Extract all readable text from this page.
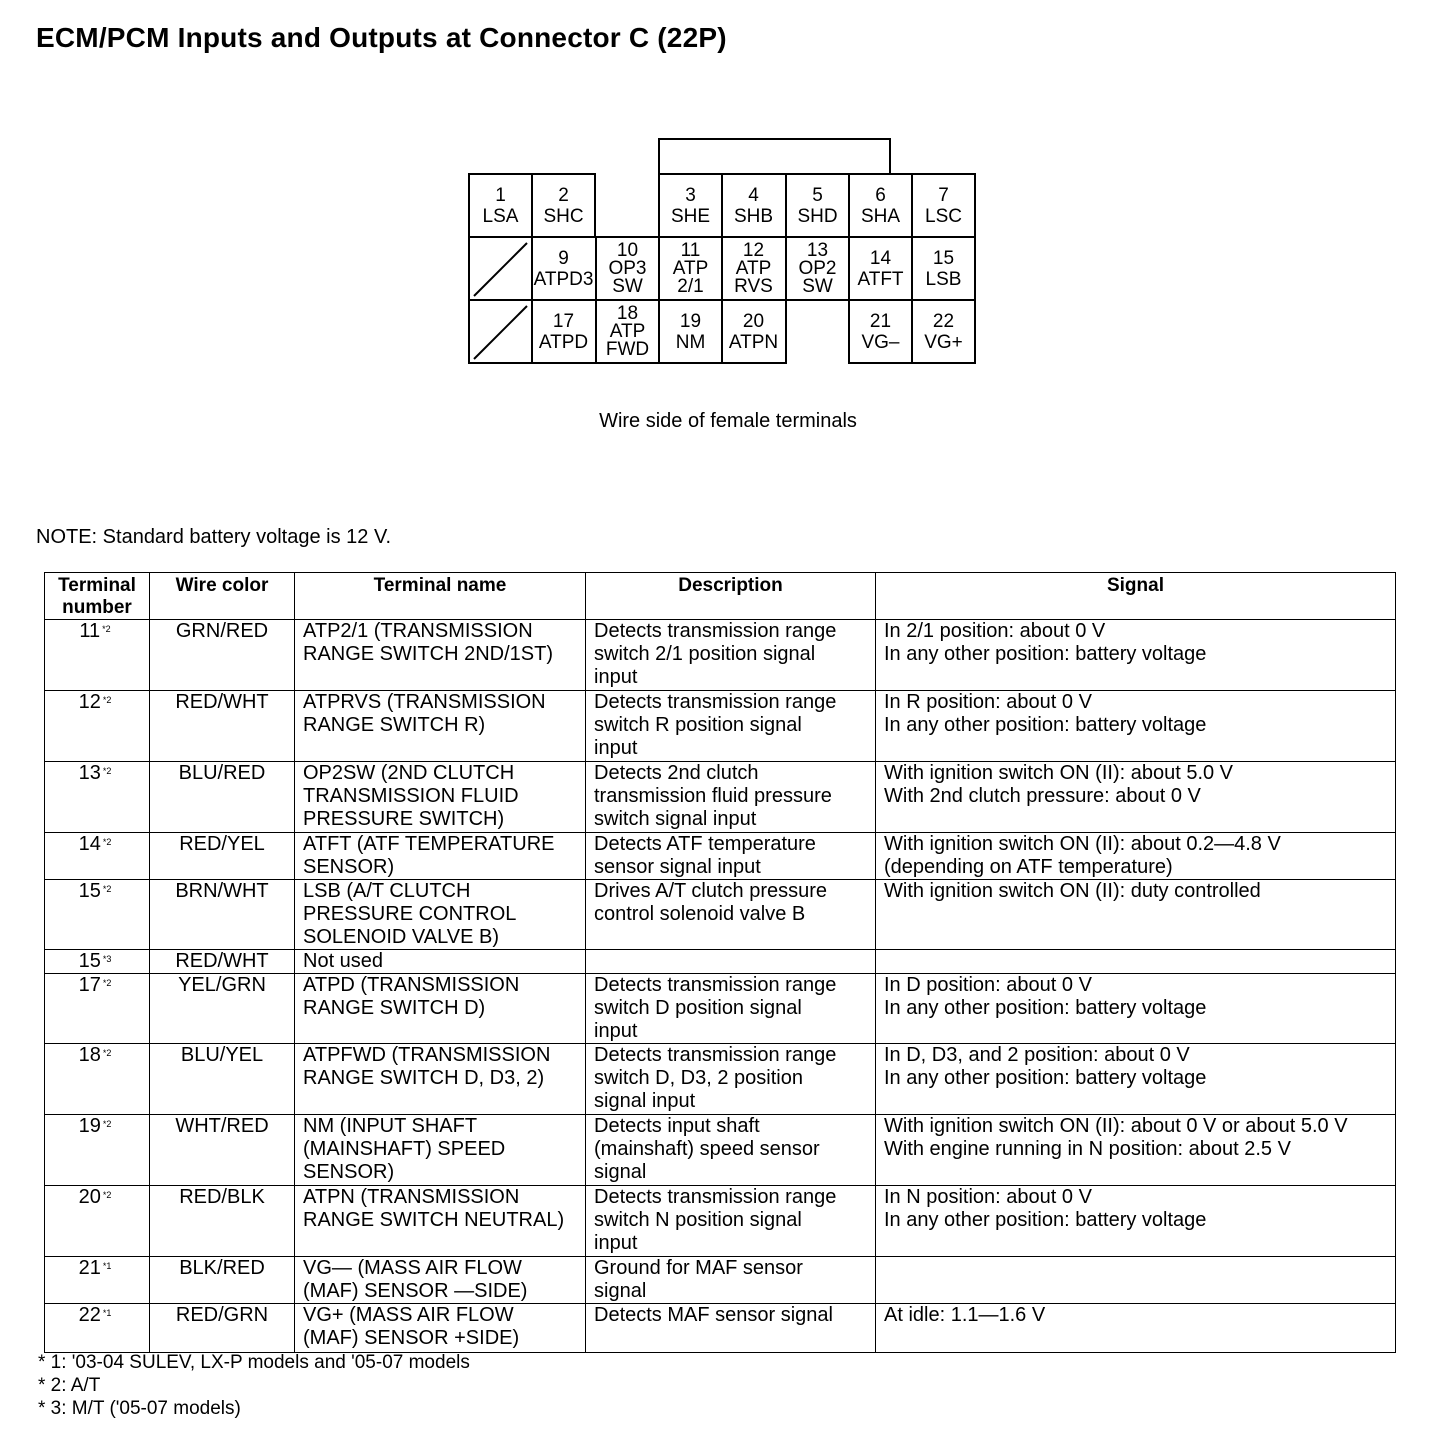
ECM/PCM Inputs and Outputs at Connector C (22P)
1
LSA
2
SHC
3
SHE
4
SHB
5
SHD
6
SHA
7
LSC
9
ATPD3
10
OP3
SW
11
ATP
2/1
12
ATP
RVS
13
OP2
SW
14
ATFT
15
LSB
17
ATPD
18
ATP
FWD
19
NM
20
ATPN
21
VG–
22
VG+
Wire side of female terminals
NOTE: Standard battery voltage is 12 V.
Terminal number	Wire color	Terminal name	Description	Signal
11 $^{*2}$	GRN/RED	ATP2/1 (TRANSMISSION
RANGE SWITCH 2ND/1ST)	Detects transmission range
switch 2/1 position signal
input	In 2/1 position: about 0 V
In any other position: battery voltage

12 $^{*2}$	RED/WHT	ATPRVS (TRANSMISSION
RANGE SWITCH R)	Detects transmission range
switch R position signal
input	In R position: about 0 V
In any other position: battery voltage

13 $^{*2}$	BLU/RED	OP2SW (2ND CLUTCH
TRANSMISSION FLUID
PRESSURE SWITCH)	Detects 2nd clutch
transmission fluid pressure
switch signal input	With ignition switch ON (II): about 5.0 V
With 2nd clutch pressure: about 0 V

14 $^{*2}$	RED/YEL	ATFT (ATF TEMPERATURE
SENSOR)	Detects ATF temperature
sensor signal input	With ignition switch ON (II): about 0.2—4.8 V
(depending on ATF temperature)

15 $^{*2}$	BRN/WHT	LSB (A/T CLUTCH
PRESSURE CONTROL
SOLENOID VALVE B)	Drives A/T clutch pressure
control solenoid valve B	With ignition switch ON (II): duty controlled

15 $^{*3}$	RED/WHT	Not used		

17 $^{*2}$	YEL/GRN	ATPD (TRANSMISSION
RANGE SWITCH D)	Detects transmission range
switch D position signal
input	In D position: about 0 V
In any other position: battery voltage

18 $^{*2}$	BLU/YEL	ATPFWD (TRANSMISSION
RANGE SWITCH D, D3, 2)	Detects transmission range
switch D, D3, 2 position
signal input	In D, D3, and 2 position: about 0 V
In any other position: battery voltage

19 $^{*2}$	WHT/RED	NM (INPUT SHAFT
(MAINSHAFT) SPEED
SENSOR)	Detects input shaft
(mainshaft) speed sensor
signal	With ignition switch ON (II): about 0 V or about 5.0 V
With engine running in N position: about 2.5 V

20 $^{*2}$	RED/BLK	ATPN (TRANSMISSION
RANGE SWITCH NEUTRAL)	Detects transmission range
switch N position signal
input	In N position: about 0 V
In any other position: battery voltage

21 $^{*1}$	BLK/RED	VG— (MASS AIR FLOW
(MAF) SENSOR —SIDE)	Ground for MAF sensor
signal	

22 $^{*1}$	RED/GRN	VG+ (MASS AIR FLOW
(MAF) SENSOR +SIDE)	Detects MAF sensor signal	At idle: 1.1—1.6 V
* 1: '03-04 SULEV, LX-P models and '05-07 models
* 2: A/T
* 3: M/T ('05-07 models)
